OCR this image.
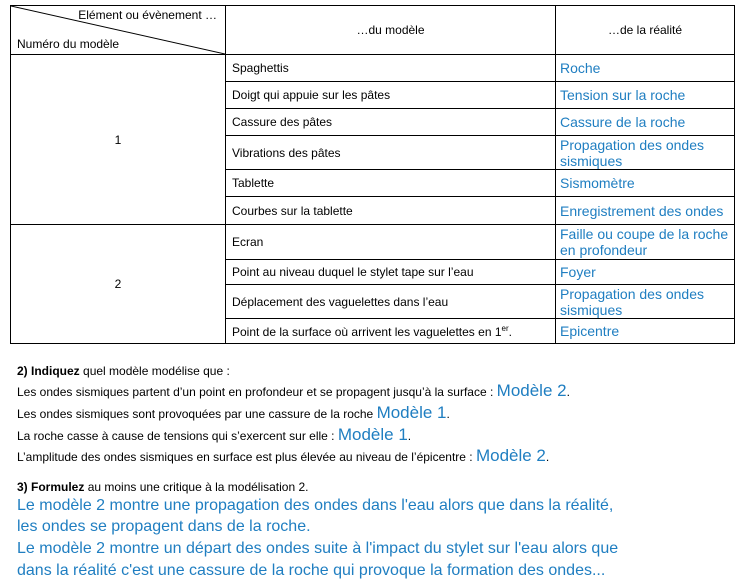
Elément ou évènement …
Numéro du modèle	…du modèle	…de la réalité
1	Spaghettis	Roche
	Doigt qui appuie sur les pâtes	Tension sur la roche
	Cassure des pâtes	Cassure de la roche
	Vibrations des pâtes	Propagation des ondes sismiques
	Tablette	Sismomètre
	Courbes sur la tablette	Enregistrement des ondes
2	Ecran	Faille ou coupe de la roche en profondeur
	Point au niveau duquel le stylet tape sur l’eau	Foyer
	Déplacement des vaguelettes dans l’eau	Propagation des ondes sismiques
	Point de la surface où arrivent les vaguelettes en 1er.	Epicentre
2) Indiquez quel modèle modélise que :
Les ondes sismiques partent d’un point en profondeur et se propagent jusqu’à la surface : Modèle 2.
Les ondes sismiques sont provoquées par une cassure de la roche Modèle 1.
La roche casse à cause de tensions qui s’exercent sur elle : Modèle 1.
L’amplitude des ondes sismiques en surface est plus élevée au niveau de l’épicentre : Modèle 2.
3) Formulez au moins une critique à la modélisation 2.
Le modèle 2 montre une propagation des ondes dans l'eau alors que dans la réalité,
les ondes se propagent dans de la roche.
Le modèle 2 montre un départ des ondes suite à l'impact du stylet sur l'eau alors que
dans la réalité c'est une cassure de la roche qui provoque la formation des ondes...
